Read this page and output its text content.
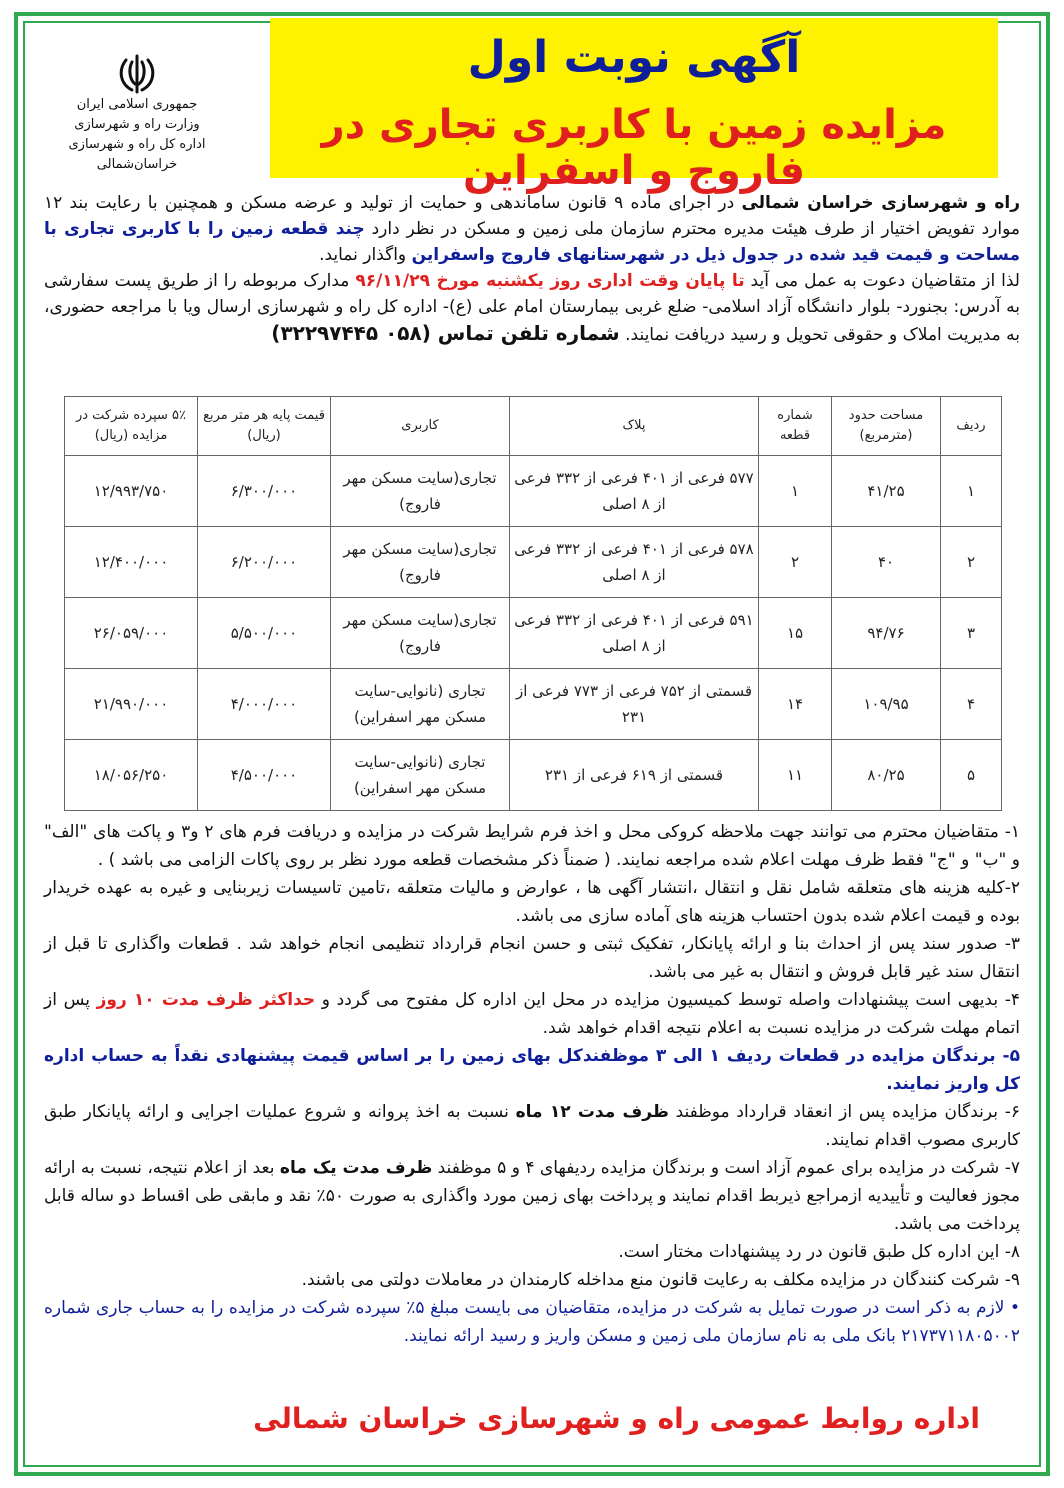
آگهی نوبت اول
مزایده زمین با کاربری تجاری در فاروج و اسفراین
جمهوری اسلامی ایران
وزارت راه و شهرسازی
اداره کل راه و شهرسازی خراسان‌شمالی

راه و شهرسازی خراسان شمالی در اجرای ماده ۹ قانون ساماندهی و حمایت از تولید و عرضه مسکن و همچنین با رعایت بند ۱۲ موارد تفویض اختیار از طرف هیئت مدیره محترم سازمان ملی زمین و مسکن در نظر دارد چند قطعه زمین را با کاربری تجاری با مساحت و قیمت قید شده در جدول ذیل در شهرستانهای فاروج واسفراین واگذار نماید.

لذا از متقاضیان دعوت به عمل می آید تا پایان وقت اداری روز یکشنبه مورخ ۹۶/۱۱/۲۹ مدارک مربوطه را از طریق پست سفارشی به آدرس: بجنورد- بلوار دانشگاه آزاد اسلامی- ضلع غربی بیمارستان امام علی (ع)- اداره کل راه و شهرسازی ارسال ویا با مراجعه حضوری، به مدیریت املاک و حقوقی تحویل و رسید دریافت نمایند. شماره تلفن تماس (۰۵۸ ۳۲۲۹۷۴۴۵)

ردیف	مساحت حدود (مترمربع)	شماره قطعه	پلاک	کاربری	قیمت پایه هر متر مربع (ریال)	۵٪ سپرده شرکت در مزایده (ریال)
۱	۴۱/۲۵	۱	۵۷۷ فرعی از ۴۰۱ فرعی از ۳۳۲ فرعی از ۸ اصلی	تجاری(سایت مسکن مهر فاروج)	۶/۳۰۰/۰۰۰	۱۲/۹۹۳/۷۵۰
۲	۴۰	۲	۵۷۸ فرعی از ۴۰۱ فرعی از ۳۳۲ فرعی از ۸ اصلی	تجاری(سایت مسکن مهر فاروج)	۶/۲۰۰/۰۰۰	۱۲/۴۰۰/۰۰۰
۳	۹۴/۷۶	۱۵	۵۹۱ فرعی از ۴۰۱ فرعی از ۳۳۲ فرعی از ۸ اصلی	تجاری(سایت مسکن مهر فاروج)	۵/۵۰۰/۰۰۰	۲۶/۰۵۹/۰۰۰
۴	۱۰۹/۹۵	۱۴	قسمتی از ۷۵۲ فرعی از ۷۷۳ فرعی از ۲۳۱	تجاری (نانوایی-سایت مسکن مهر اسفراین)	۴/۰۰۰/۰۰۰	۲۱/۹۹۰/۰۰۰
۵	۸۰/۲۵	۱۱	قسمتی از ۶۱۹ فرعی از ۲۳۱	تجاری (نانوایی-سایت مسکن مهر اسفراین)	۴/۵۰۰/۰۰۰	۱۸/۰۵۶/۲۵۰

۱- متقاضیان محترم می توانند جهت ملاحظه کروکی محل و اخذ فرم شرایط شرکت در مزایده و دریافت فرم های ۲ و۳ و پاکت های "الف" و "ب" و "ج" فقط ظرف مهلت اعلام شده مراجعه نمایند. ( ضمناً ذکر مشخصات قطعه مورد نظر بر روی پاکات الزامی می باشد ) .

۲-کلیه هزینه های متعلقه شامل نقل و انتقال ،انتشار آگهی ها ، عوارض و مالیات متعلقه ،تامین تاسیسات زیربنایی و غیره به عهده خریدار بوده و قیمت اعلام شده بدون احتساب هزینه های آماده سازی می باشد.

۳- صدور سند پس از احداث بنا و ارائه پایانکار، تفکیک ثبتی و حسن انجام قرارداد تنظیمی انجام خواهد شد . قطعات واگذاری تا قبل از انتقال سند غیر قابل فروش و انتقال به غیر می باشد.

۴- بدیهی است پیشنهادات واصله توسط کمیسیون مزایده در محل این اداره کل مفتوح می گردد و حداکثر ظرف مدت ۱۰ روز پس از اتمام مهلت شرکت در مزایده نسبت به اعلام نتیجه اقدام خواهد شد.

۵- برندگان مزایده در قطعات ردیف ۱ الی ۳ موظفندکل بهای زمین را بر اساس قیمت پیشنهادی نقداً به حساب اداره کل واریز نمایند.

۶- برندگان مزایده پس از انعقاد قرارداد موظفند ظرف مدت ۱۲ ماه نسبت به اخذ پروانه و شروع عملیات اجرایی و ارائه پایانکار طبق کاربری مصوب اقدام نمایند.

۷- شرکت در مزایده برای عموم آزاد است و برندگان مزایده ردیفهای ۴ و ۵ موظفند ظرف مدت یک ماه بعد از اعلام نتیجه، نسبت به ارائه مجوز فعالیت و تأییدیه ازمراجع ذیربط اقدام نمایند و پرداخت بهای زمین مورد واگذاری به صورت ۵۰٪ نقد و مابقی طی اقساط دو ساله قابل پرداخت می باشد.

۸- این اداره کل طبق قانون در رد پیشنهادات مختار است.

۹- شرکت کنندگان در مزایده مکلف به رعایت قانون منع مداخله کارمندان در معاملات دولتی می باشند.

• لازم به ذکر است در صورت تمایل به شرکت در مزایده، متقاضیان می بایست مبلغ ۵٪ سپرده شرکت در مزایده را به حساب جاری شماره ۲۱۷۳۷۱۱۸۰۵۰۰۲ بانک ملی به نام سازمان ملی زمین و مسکن واریز و رسید ارائه نمایند.

اداره روابط عمومی راه و شهرسازی خراسان شمالی
